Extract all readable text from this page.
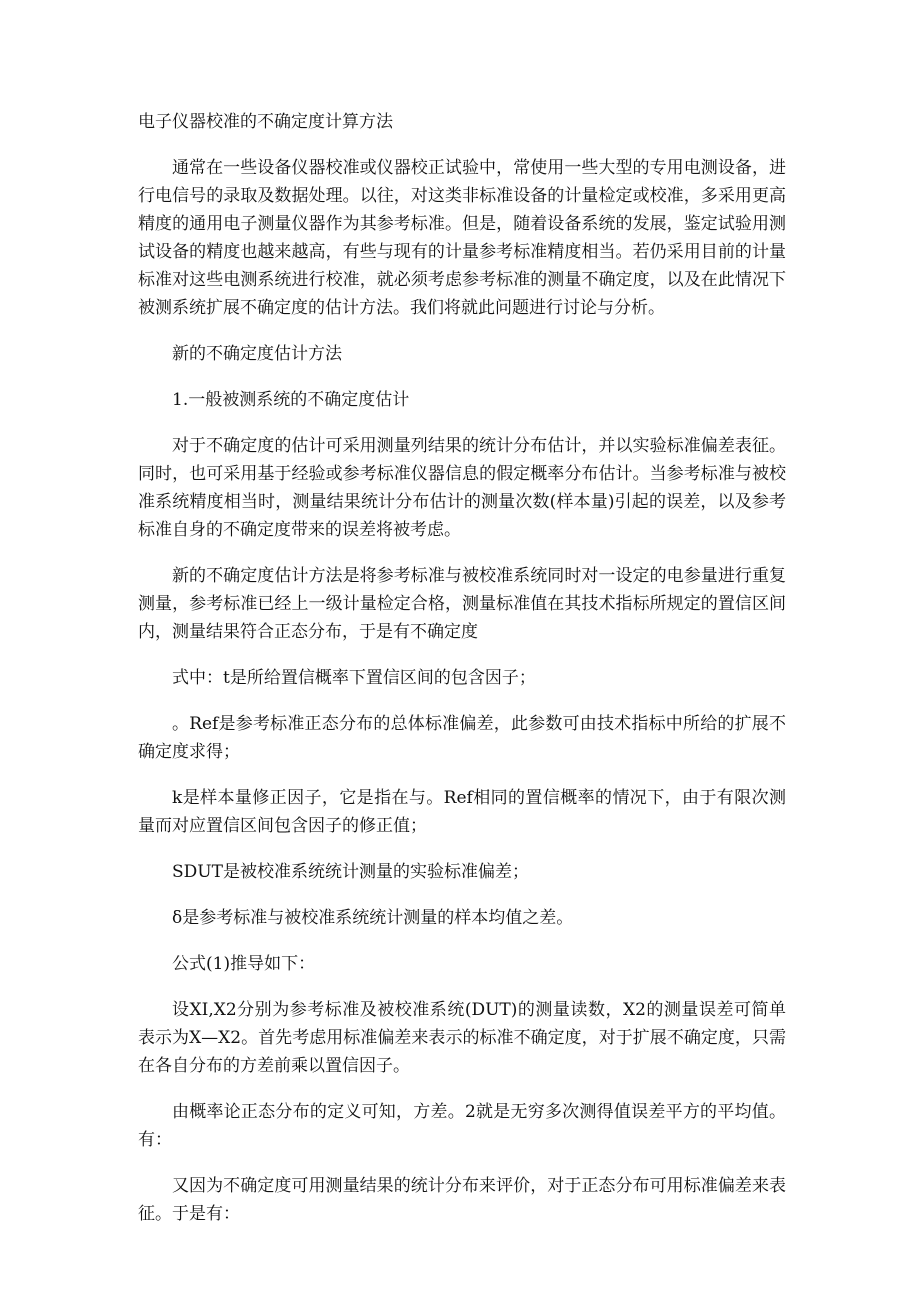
电子仪器校准的不确定度计算方法

通常在一些设备仪器校准或仪器校正试验中，常使用一些大型的专用电测设备，进行电信号的录取及数据处理。以往，对这类非标准设备的计量检定或校准，多采用更高精度的通用电子测量仪器作为其参考标准。但是，随着设备系统的发展，鉴定试验用测试设备的精度也越来越高，有些与现有的计量参考标准精度相当。若仍采用目前的计量标准对这些电测系统进行校准，就必须考虑参考标准的测量不确定度，以及在此情况下被测系统扩展不确定度的估计方法。我们将就此问题进行讨论与分析。

新的不确定度估计方法

1.一般被测系统的不确定度估计

对于不确定度的估计可采用测量列结果的统计分布估计，并以实验标准偏差表征。同时，也可采用基于经验或参考标准仪器信息的假定概率分布估计。当参考标准与被校准系统精度相当时，测量结果统计分布估计的测量次数(样本量)引起的误差，以及参考标准自身的不确定度带来的误差将被考虑。

新的不确定度估计方法是将参考标准与被校准系统同时对一设定的电参量进行重复测量，参考标准已经上一级计量检定合格，测量标准值在其技术指标所规定的置信区间内，测量结果符合正态分布，于是有不确定度

式中：t是所给置信概率下置信区间的包含因子；

。Ref是参考标准正态分布的总体标准偏差，此参数可由技术指标中所给的扩展不确定度求得；

k是样本量修正因子，它是指在与。Ref相同的置信概率的情况下，由于有限次测量而对应置信区间包含因子的修正值；

SDUT是被校准系统统计测量的实验标准偏差；

δ是参考标准与被校准系统统计测量的样本均值之差。

公式(1)推导如下：

设XI,X2分别为参考标准及被校准系统(DUT)的测量读数，X2的测量误差可简单表示为X—X2。首先考虑用标准偏差来表示的标准不确定度，对于扩展不确定度，只需在各自分布的方差前乘以置信因子。

由概率论正态分布的定义可知，方差。2就是无穷多次测得值误差平方的平均值。有：

又因为不确定度可用测量结果的统计分布来评价，对于正态分布可用标准偏差来表征。于是有：
